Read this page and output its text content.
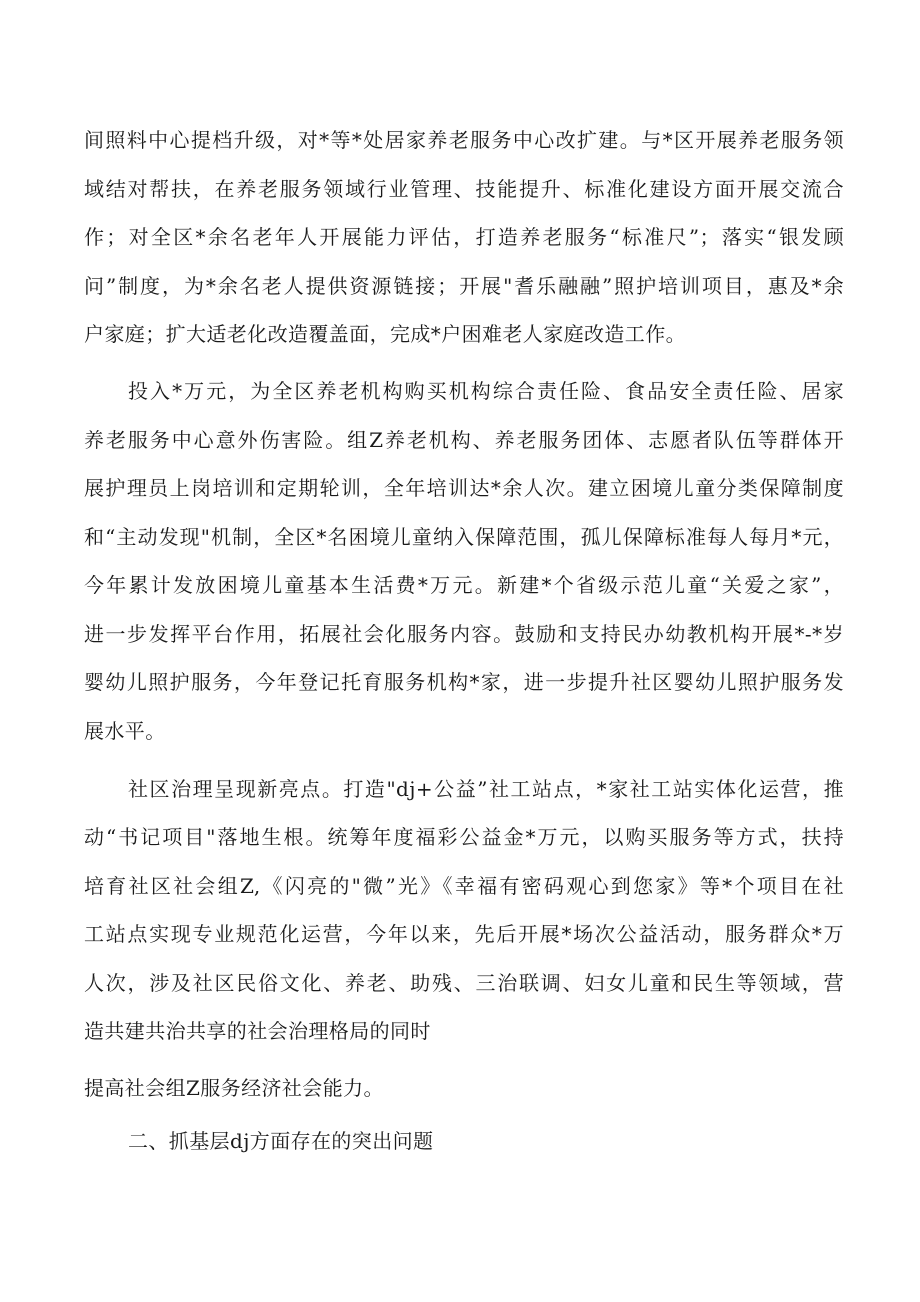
间照料中心提档升级，对*等*处居家养老服务中心改扩建。与*区开展养老服务领
域结对帮扶，在养老服务领域行业管理、技能提升、标准化建设方面开展交流合
作；对全区*余名老年人开展能力评估，打造养老服务“标准尺”；落实“银发顾
问”制度，为*余名老人提供资源链接；开展"耆乐融融”照护培训项目，惠及*余
户家庭；扩大适老化改造覆盖面，完成*户困难老人家庭改造工作。
投入*万元，为全区养老机构购买机构综合责任险、食品安全责任险、居家
养老服务中心意外伤害险。组Z养老机构、养老服务团体、志愿者队伍等群体开
展护理员上岗培训和定期轮训，全年培训达*余人次。建立困境儿童分类保障制度
和“主动发现"机制，全区*名困境儿童纳入保障范围，孤儿保障标准每人每月*元，
今年累计发放困境儿童基本生活费*万元。新建*个省级示范儿童“关爱之家”，
进一步发挥平台作用，拓展社会化服务内容。鼓励和支持民办幼教机构开展*-*岁
婴幼儿照护服务，今年登记托育服务机构*家，进一步提升社区婴幼儿照护服务发
展水平。
社区治理呈现新亮点。打造"dj+公益”社工站点，*家社工站实体化运营，推
动“书记项目"落地生根。统筹年度福彩公益金*万元，以购买服务等方式，扶持
培育社区社会组Z,《闪亮的"微”光》《幸福有密码观心到您家》等*个项目在社
工站点实现专业规范化运营，今年以来，先后开展*场次公益活动，服务群众*万
人次，涉及社区民俗文化、养老、助残、三治联调、妇女儿童和民生等领域，营
造共建共治共享的社会治理格局的同时
提高社会组Z服务经济社会能力。
二、抓基层dj方面存在的突出问题
